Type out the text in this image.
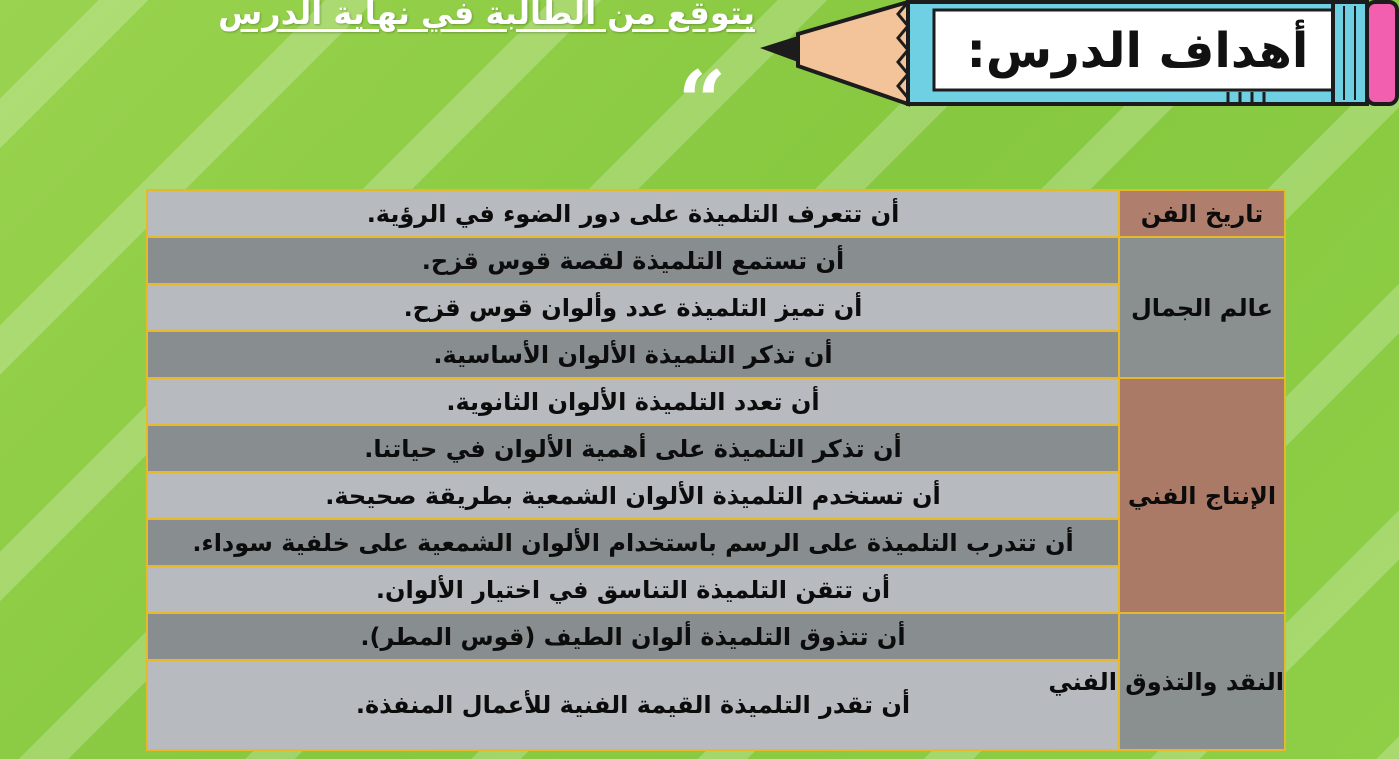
يتوقع من الطالبة في نهاية الدرس
“
أهداف الدرس:
تاريخ الفن	أن تتعرف التلميذة على دور الضوء في الرؤية.
عالم الجمال	أن تستمع التلميذة لقصة قوس قزح.
	أن تميز التلميذة عدد وألوان قوس قزح.
	أن تذكر التلميذة الألوان الأساسية.
الإنتاج الفني	أن تعدد التلميذة الألوان الثانوية.
	أن تذكر التلميذة على أهمية الألوان في حياتنا.
	أن تستخدم التلميذة الألوان الشمعية بطريقة صحيحة.
	أن تتدرب التلميذة على الرسم باستخدام الألوان الشمعية على خلفية سوداء.
	أن تتقن التلميذة التناسق في اختيار الألوان.
النقد والتذوق الفني	أن تتذوق التلميذة ألوان الطيف (قوس المطر).
	أن تقدر التلميذة القيمة الفنية للأعمال المنفذة.
